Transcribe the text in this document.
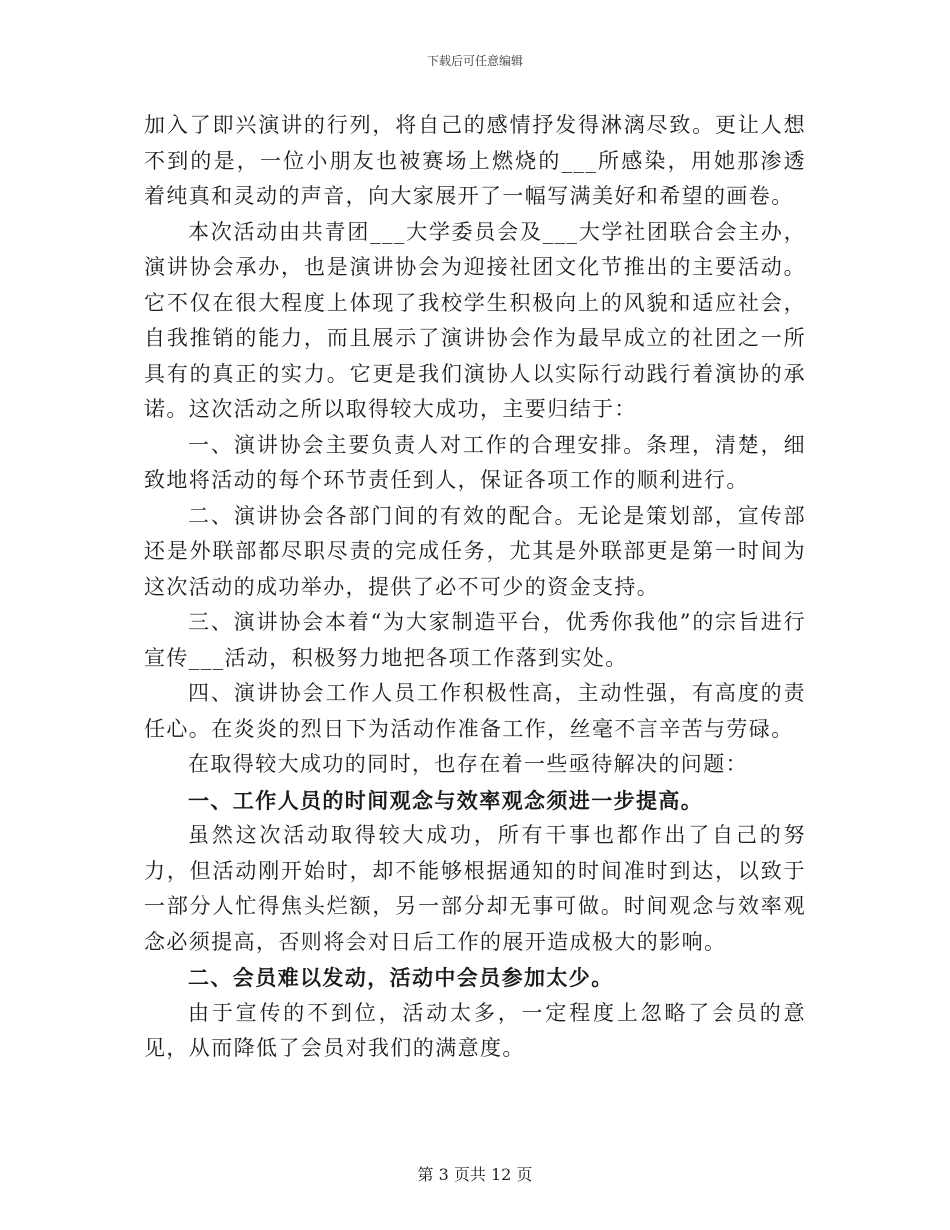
下载后可任意编辑

加入了即兴演讲的行列，将自己的感情抒发得淋漓尽致。更让人想不到的是，一位小朋友也被赛场上燃烧的___所感染，用她那渗透着纯真和灵动的声音，向大家展开了一幅写满美好和希望的画卷。

本次活动由共青团___大学委员会及___大学社团联合会主办，演讲协会承办，也是演讲协会为迎接社团文化节推出的主要活动。它不仅在很大程度上体现了我校学生积极向上的风貌和适应社会，自我推销的能力，而且展示了演讲协会作为最早成立的社团之一所具有的真正的实力。它更是我们演协人以实际行动践行着演协的承诺。这次活动之所以取得较大成功，主要归结于：

一、演讲协会主要负责人对工作的合理安排。条理，清楚，细致地将活动的每个环节责任到人，保证各项工作的顺利进行。

二、演讲协会各部门间的有效的配合。无论是策划部，宣传部还是外联部都尽职尽责的完成任务，尤其是外联部更是第一时间为这次活动的成功举办，提供了必不可少的资金支持。

三、演讲协会本着“为大家制造平台，优秀你我他”的宗旨进行宣传___活动，积极努力地把各项工作落到实处。

四、演讲协会工作人员工作积极性高，主动性强，有高度的责任心。在炎炎的烈日下为活动作准备工作，丝毫不言辛苦与劳碌。

在取得较大成功的同时，也存在着一些亟待解决的问题：

一、工作人员的时间观念与效率观念须进一步提高。

虽然这次活动取得较大成功，所有干事也都作出了自己的努力，但活动刚开始时，却不能够根据通知的时间准时到达，以致于一部分人忙得焦头烂额，另一部分却无事可做。时间观念与效率观念必须提高，否则将会对日后工作的展开造成极大的影响。

二、会员难以发动，活动中会员参加太少。

由于宣传的不到位，活动太多，一定程度上忽略了会员的意见，从而降低了会员对我们的满意度。

第 3 页共 12 页
